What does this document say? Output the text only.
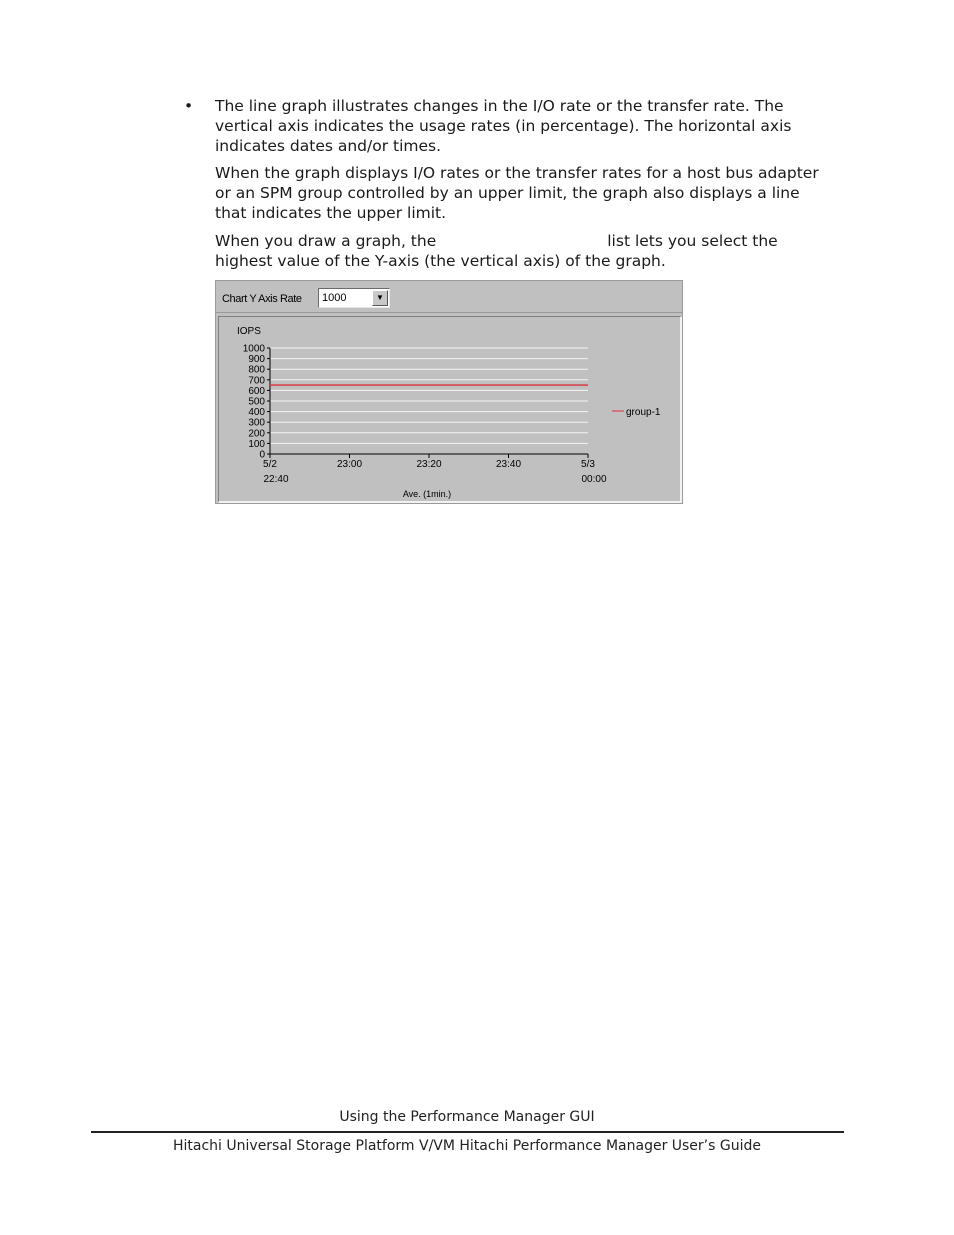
• The line graph illustrates changes in the I/O rate or the transfer rate. The vertical axis indicates the usage rates (in percentage). The horizontal axis indicates dates and/or times.

When the graph displays I/O rates or the transfer rates for a host bus adapter or an SPM group controlled by an upper limit, the graph also displays a line that indicates the upper limit.

When you draw a graph, the	list lets you select the highest value of the Y-axis (the vertical axis) of the graph.

Chart Y Axis Rate 1000	▼
IOPS
0
100
200
300
400
500
600
700
800
900
1000
5/2
22:40
23:00	23:20	23:40	5/3
00:00
Ave. (1min.)
group-1
Using the Performance Manager GUI
Hitachi Universal Storage Platform V/VM Hitachi Performance Manager User’s Guide
